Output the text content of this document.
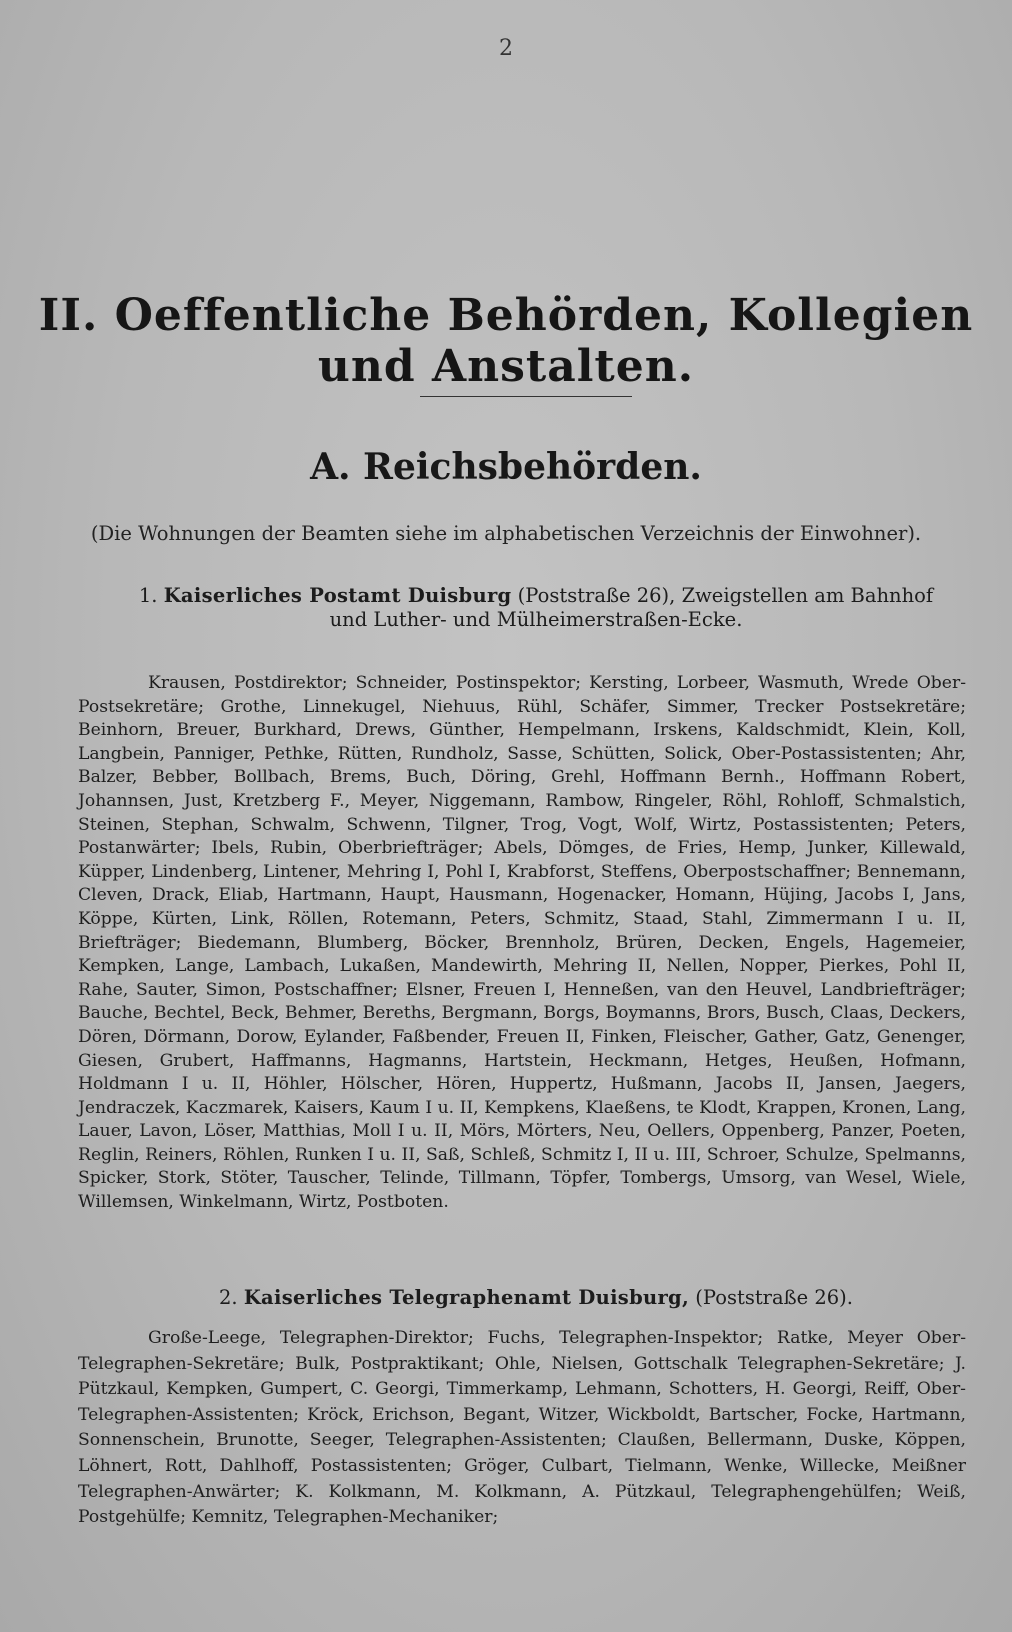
2
II. Oeffentliche Behörden, Kollegien und Anstalten.
A. Reichsbehörden.
(Die Wohnungen der Beamten siehe im alphabetischen Verzeichnis der Einwohner).
1. Kaiserliches Postamt Duisburg (Poststraße 26), Zweigstellen am Bahnhof
und Luther- und Mülheimerstraßen-Ecke.

Krausen, Postdirektor; Schneider, Postinspektor; Kersting, Lorbeer, Wasmuth, Wrede Ober-Postsekretäre; Grothe, Linnekugel, Niehuus, Rühl, Schäfer, Simmer, Trecker Postsekretäre; Beinhorn, Breuer, Burkhard, Drews, Günther, Hempelmann, Irskens, Kaldschmidt, Klein, Koll, Langbein, Panniger, Pethke, Rütten, Rundholz, Sasse, Schütten, Solick, Ober-Postassistenten; Ahr, Balzer, Bebber, Bollbach, Brems, Buch, Döring, Grehl, Hoffmann Bernh., Hoffmann Robert, Johannsen, Just, Kretzberg F., Meyer, Niggemann, Rambow, Ringeler, Röhl, Rohloff, Schmalstich, Steinen, Stephan, Schwalm, Schwenn, Tilgner, Trog, Vogt, Wolf, Wirtz, Postassistenten; Peters, Postanwärter; Ibels, Rubin, Oberbriefträger; Abels, Dömges, de Fries, Hemp, Junker, Killewald, Küpper, Lindenberg, Lintener, Mehring I, Pohl I, Krabforst, Steffens, Oberpostschaffner; Bennemann, Cleven, Drack, Eliab, Hartmann, Haupt, Hausmann, Hogenacker, Homann, Hüjing, Jacobs I, Jans, Köppe, Kürten, Link, Röllen, Rotemann, Peters, Schmitz, Staad, Stahl, Zimmermann I u. II, Briefträger; Biedemann, Blumberg, Böcker, Brennholz, Brüren, Decken, Engels, Hagemeier, Kempken, Lange, Lambach, Lukaßen, Mandewirth, Mehring II, Nellen, Nopper, Pierkes, Pohl II, Rahe, Sauter, Simon, Postschaffner; Elsner, Freuen I, Henneßen, van den Heuvel, Landbriefträger; Bauche, Bechtel, Beck, Behmer, Bereths, Bergmann, Borgs, Boymanns, Brors, Busch, Claas, Deckers, Dören, Dörmann, Dorow, Eylander, Faßbender, Freuen II, Finken, Fleischer, Gather, Gatz, Genenger, Giesen, Grubert, Haffmanns, Hagmanns, Hartstein, Heckmann, Hetges, Heußen, Hofmann, Holdmann I u. II, Höhler, Hölscher, Hören, Huppertz, Hußmann, Jacobs II, Jansen, Jaegers, Jendraczek, Kaczmarek, Kaisers, Kaum I u. II, Kempkens, Klaeßens, te Klodt, Krappen, Kronen, Lang, Lauer, Lavon, Löser, Matthias, Moll I u. II, Mörs, Mörters, Neu, Oellers, Oppenberg, Panzer, Poeten, Reglin, Reiners, Röhlen, Runken I u. II, Saß, Schleß, Schmitz I, II u. III, Schroer, Schulze, Spelmanns, Spicker, Stork, Stöter, Tauscher, Telinde, Tillmann, Töpfer, Tombergs, Umsorg, van Wesel, Wiele, Willemsen, Winkelmann, Wirtz, Postboten.

2. Kaiserliches Telegraphenamt Duisburg, (Poststraße 26).

Große-Leege, Telegraphen-Direktor; Fuchs, Telegraphen-Inspektor; Ratke, Meyer Ober-Telegraphen-Sekretäre; Bulk, Postpraktikant; Ohle, Nielsen, Gottschalk Telegraphen-Sekretäre; J. Pützkaul, Kempken, Gumpert, C. Georgi, Timmerkamp, Lehmann, Schotters, H. Georgi, Reiff, Ober-Telegraphen-Assistenten; Kröck, Erichson, Begant, Witzer, Wickboldt, Bartscher, Focke, Hartmann, Sonnenschein, Brunotte, Seeger, Telegraphen-Assistenten; Claußen, Bellermann, Duske, Köppen, Löhnert, Rott, Dahlhoff, Postassistenten; Gröger, Culbart, Tielmann, Wenke, Willecke, Meißner Telegraphen-Anwärter; K. Kolkmann, M. Kolkmann, A. Pützkaul, Telegraphengehülfen; Weiß, Postgehülfe; Kemnitz, Telegraphen-Mechaniker;
